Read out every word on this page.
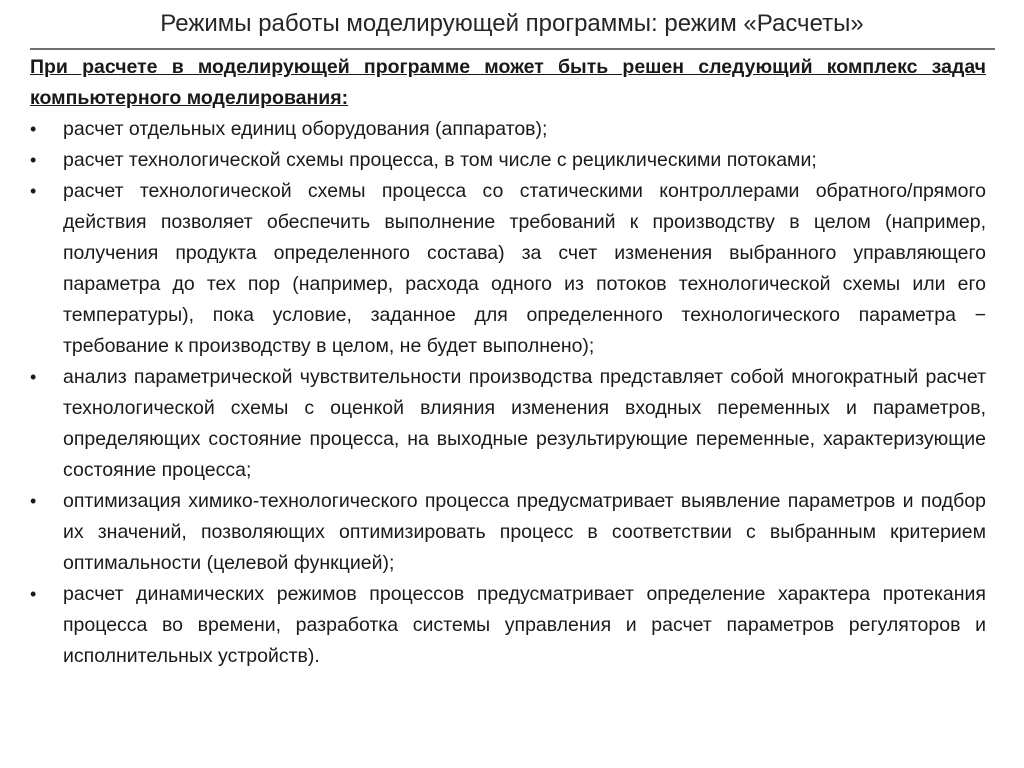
Режимы работы моделирующей программы: режим «Расчеты»

При расчете в моделирующей программе может быть решен следующий комплекс задач компьютерного моделирования:

•	расчет отдельных единиц оборудования (аппаратов);
•	расчет технологической схемы процесса, в том числе с рециклическими потоками;
•	расчет технологической схемы процесса со статическими контроллерами обратного/прямого действия позволяет обеспечить выполнение требований к производству в целом (например, получения продукта определенного состава) за счет изменения выбранного управляющего параметра до тех пор (например, расхода одного из потоков технологической схемы или его температуры), пока условие, заданное для определенного технологического параметра − требование к производству в целом, не будет выполнено);
•	анализ параметрической чувствительности производства представляет собой многократный расчет технологической схемы с оценкой влияния изменения входных переменных и параметров, определяющих состояние процесса, на выходные результирующие переменные, характеризующие состояние процесса;
•	оптимизация химико-технологического процесса предусматривает выявление параметров и подбор их значений, позволяющих оптимизировать процесс в соответствии с выбранным критерием оптимальности (целевой функцией);
•	расчет динамических режимов процессов предусматривает определение характера протекания процесса во времени, разработка системы управления и расчет параметров регуляторов и исполнительных устройств).
